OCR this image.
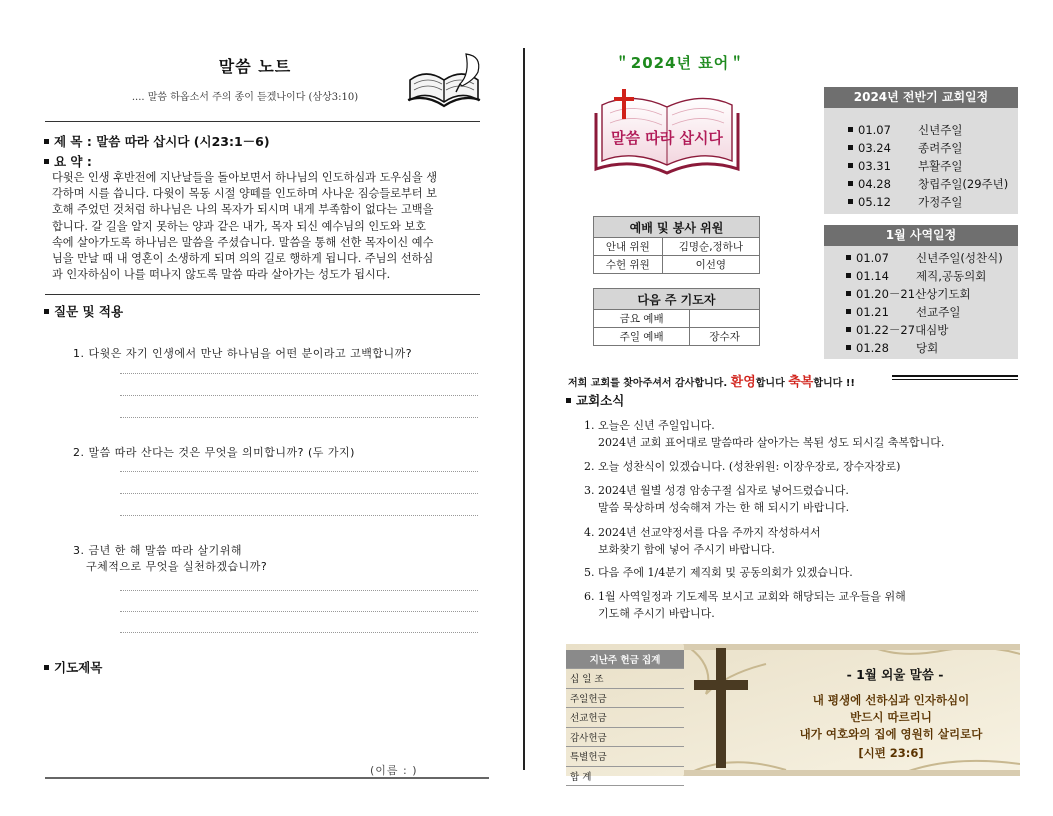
말씀 노트
.... 말씀 하옵소서 주의 종이 듣겠나이다 (삼상3:10)
제 목 : 말씀 따라 삽시다 (시23:1－6)
요 약 :
다윗은 인생 후반전에 지난날들을 돌아보면서 하나님의 인도하심과 도우심을 생
각하며 시를 씁니다. 다윗이 목동 시절 양떼를 인도하며 사나운 짐승들로부터 보
호해 주었던 것처럼 하나님은 나의 목자가 되시며 내게 부족함이 없다는 고백을
합니다. 갈 길을 알지 못하는 양과 같은 내가, 목자 되신 예수님의 인도와 보호
속에 살아가도록 하나님은 말씀을 주셨습니다. 말씀을 통해 선한 목자이신 예수
님을 만날 때 내 영혼이 소생하게 되며 의의 길로 행하게 됩니다. 주님의 선하심
과 인자하심이 나를 떠나지 않도록 말씀 따라 살아가는 성도가 됩시다.
질문 및 적용
1. 다윗은 자기 인생에서 만난 하나님을 어떤 분이라고 고백합니까?
2. 말씀 따라 산다는 것은 무엇을 의미합니까? (두 가지)
3. 금년 한 해 말씀 따라 살기위해
구체적으로 무엇을 실천하겠습니까?
기도제목
(이름 : )
＂2024년 표어＂
말씀 따라 삽시다
2024년 전반기 교회일정
01.07 신년주일
03.24 종려주일
03.31 부활주일
04.28 창립주일(29주년)
05.12 가정주일
1월 사역일정
01.07 신년주일(성찬식)
01.14 제직,공동의회
01.20－21산상기도회
01.21 선교주일
01.22－27대심방
01.28 당회
예배 및 봉사 위원	
안내 위원	김명순,정하나
수헌 위원	이선영
다음 주 기도자	
금요 예배	
주일 예배	장수자
저희 교회를 찾아주셔서 감사합니다. 환영합니다 축복합니다 !!
교회소식
1. 오늘은 신년 주일입니다.
2024년 교회 표어대로 말씀따라 살아가는 복된 성도 되시길 축복합니다.
2. 오늘 성찬식이 있겠습니다. (성찬위원: 이장우장로, 장수자장로)
3. 2024년 월별 성경 암송구절 십자로 넣어드렸습니다.
말씀 묵상하며 성숙해져 가는 한 해 되시기 바랍니다.
4. 2024년 선교약정서를 다음 주까지 작성하셔서
보화찾기 함에 넣어 주시기 바랍니다.
5. 다음 주에 1/4분기 제직회 및 공동의회가 있겠습니다.
6. 1월 사역일정과 기도제목 보시고 교회와 해당되는 교우들을 위해
기도해 주시기 바랍니다.
지난주 헌금 집계
십 일 조
주일헌금
선교헌금
감사헌금
특별헌금
합 계
- 1월 외울 말씀 -
내 평생에 선하심과 인자하심이
반드시 따르리니
내가 여호와의 집에 영원히 살리로다
[시편 23:6]
